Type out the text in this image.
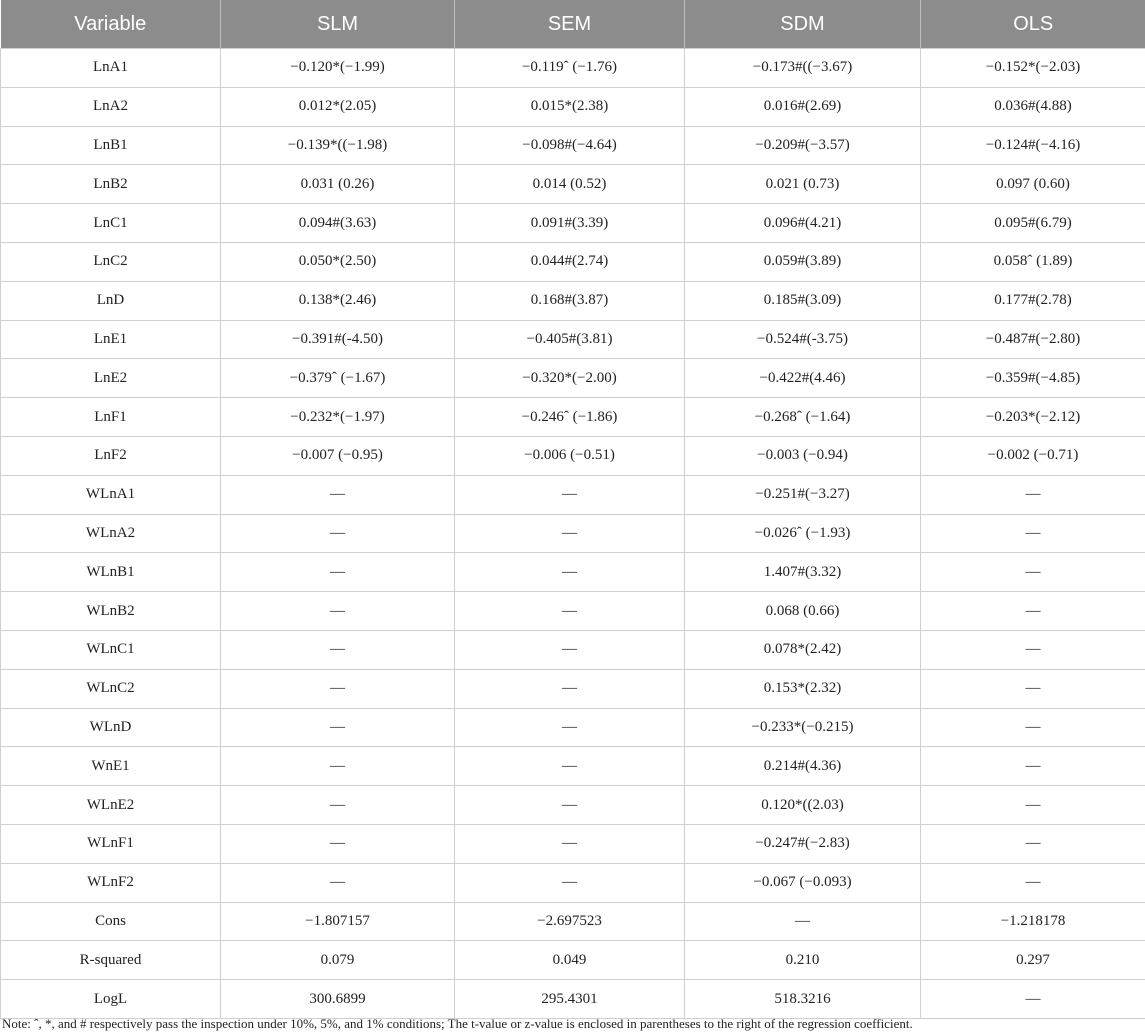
Variable	SLM	SEM	SDM	OLS
LnA1	−0.120*(−1.99)	−0.119ˆ (−1.76)	−0.173#((−3.67)	−0.152*(−2.03)
LnA2	0.012*(2.05)	0.015*(2.38)	0.016#(2.69)	0.036#(4.88)
LnB1	−0.139*((−1.98)	−0.098#(−4.64)	−0.209#(−3.57)	−0.124#(−4.16)
LnB2	0.031 (0.26)	0.014 (0.52)	0.021 (0.73)	0.097 (0.60)
LnC1	0.094#(3.63)	0.091#(3.39)	0.096#(4.21)	0.095#(6.79)
LnC2	0.050*(2.50)	0.044#(2.74)	0.059#(3.89)	0.058ˆ (1.89)
LnD	0.138*(2.46)	0.168#(3.87)	0.185#(3.09)	0.177#(2.78)
LnE1	−0.391#(-4.50)	−0.405#(3.81)	−0.524#(-3.75)	−0.487#(−2.80)
LnE2	−0.379ˆ (−1.67)	−0.320*(−2.00)	−0.422#(4.46)	−0.359#(−4.85)
LnF1	−0.232*(−1.97)	−0.246ˆ (−1.86)	−0.268ˆ (−1.64)	−0.203*(−2.12)
LnF2	−0.007 (−0.95)	−0.006 (−0.51)	−0.003 (−0.94)	−0.002 (−0.71)
WLnA1	—	—	−0.251#(−3.27)	—
WLnA2	—	—	−0.026ˆ (−1.93)	—
WLnB1	—	—	1.407#(3.32)	—
WLnB2	—	—	0.068 (0.66)	—
WLnC1	—	—	0.078*(2.42)	—
WLnC2	—	—	0.153*(2.32)	—
WLnD	—	—	−0.233*(−0.215)	—
WnE1	—	—	0.214#(4.36)	—
WLnE2	—	—	0.120*((2.03)	—
WLnF1	—	—	−0.247#(−2.83)	—
WLnF2	—	—	−0.067 (−0.093)	—
Cons	−1.807157	−2.697523	—	−1.218178
R-squared	0.079	0.049	0.210	0.297
LogL	300.6899	295.4301	518.3216	—
Note: ˆ, *, and # respectively pass the inspection under 10%, 5%, and 1% conditions; The t-value or z-value is enclosed in parentheses to the right of the regression coefficient.
